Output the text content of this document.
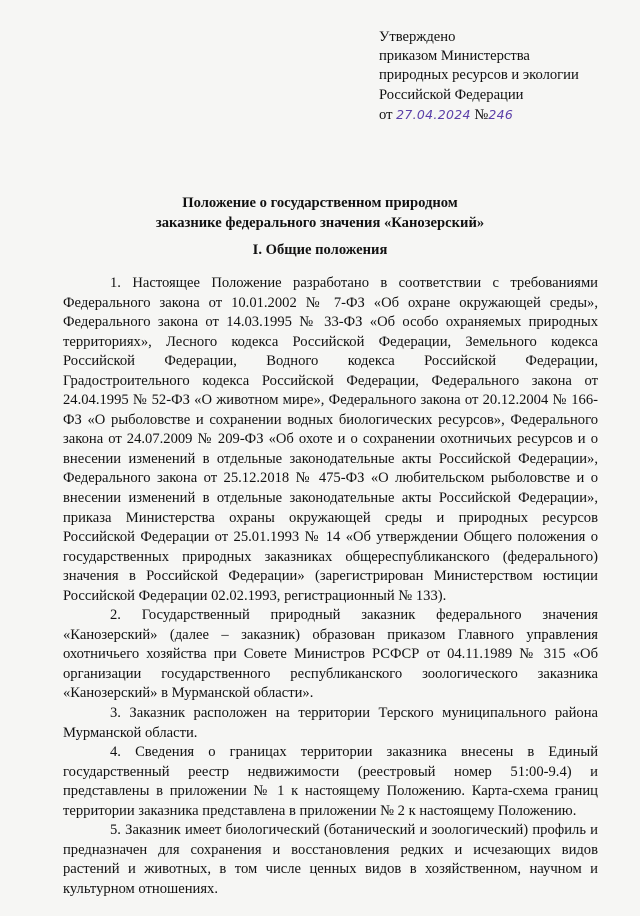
Утверждено
приказом Министерства
природных ресурсов и экологии
Российской Федерации
от 27.04.2024 №246
Положение о государственном природном
заказнике федерального значения «Канозерский»
I. Общие положения

1. Настоящее Положение разработано в соответствии с требованиями Федерального закона от 10.01.2002 № 7-ФЗ «Об охране окружающей среды», Федерального закона от 14.03.1995 № 33-ФЗ «Об особо охраняемых природных территориях», Лесного кодекса Российской Федерации, Земельного кодекса Российской Федерации, Водного кодекса Российской Федерации, Градостроительного кодекса Российской Федерации, Федерального закона от 24.04.1995 № 52-ФЗ «О животном мире», Федерального закона от 20.12.2004 № 166-ФЗ «О рыболовстве и сохранении водных биологических ресурсов», Федерального закона от 24.07.2009 № 209-ФЗ «Об охоте и о сохранении охотничьих ресурсов и о внесении изменений в отдельные законодательные акты Российской Федерации», Федерального закона от 25.12.2018 № 475-ФЗ «О любительском рыболовстве и о внесении изменений в отдельные законодательные акты Российской Федерации», приказа Министерства охраны окружающей среды и природных ресурсов Российской Федерации от 25.01.1993 № 14 «Об утверждении Общего положения о государственных природных заказниках общереспубликанского (федерального) значения в Российской Федерации» (зарегистрирован Министерством юстиции Российской Федерации 02.02.1993, регистрационный № 133).

2. Государственный природный заказник федерального значения «Канозерский» (далее – заказник) образован приказом Главного управления охотничьего хозяйства при Совете Министров РСФСР от 04.11.1989 № 315 «Об организации государственного республиканского зоологического заказника «Канозерский» в Мурманской области».

3. Заказник расположен на территории Терского муниципального района Мурманской области.

4. Сведения о границах территории заказника внесены в Единый государственный реестр недвижимости (реестровый номер 51:00-9.4) и представлены в приложении № 1 к настоящему Положению. Карта-схема границ территории заказника представлена в приложении № 2 к настоящему Положению.

5. Заказник имеет биологический (ботанический и зоологический) профиль и предназначен для сохранения и восстановления редких и исчезающих видов растений и животных, в том числе ценных видов в хозяйственном, научном и культурном отношениях.
